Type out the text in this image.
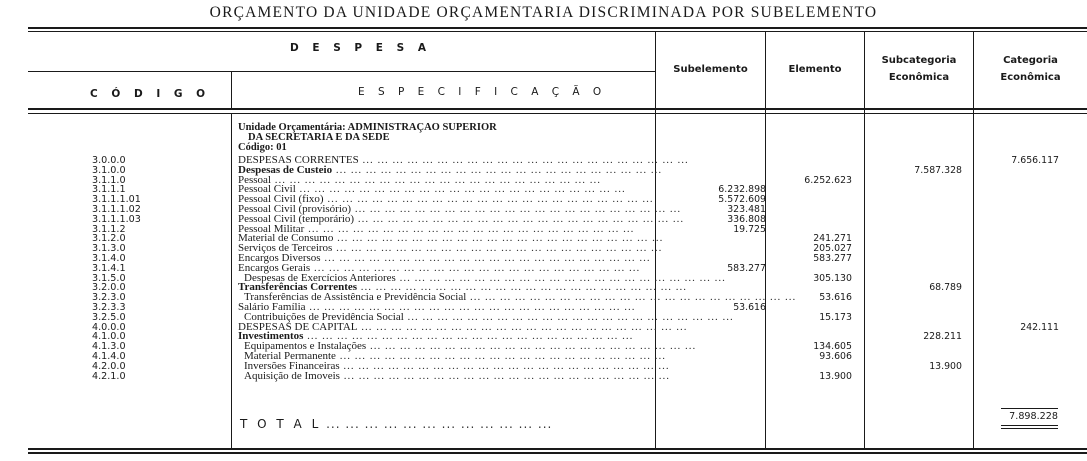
ORÇAMENTO DA UNIDADE ORÇAMENTARIA DISCRIMINADA POR SUBELEMENTO
D E S P E S A
C Ó D I G O	E S P E C I F I C A Ç Ã O
Subelemento	Elemento
Subcategoria
Econômica
Categoria
Econômica
Unidade Orçamentária: ADMINISTRAÇAO SUPERIOR
DA SECRETARIA E DA SEDE
Código: 01
3.0.0.0
3.1.0.0
3.1.1.0
3.1.1.1
3.1.1.1.01
3.1.1.1.02
3.1.1.1.03
3.1.1.2
3.1.2.0
3.1.3.0
3.1.4.0
3.1.4.1
3.1.5.0
3.2.0.0
3.2.3.0
3.2.3.3
3.2.5.0
4.0.0.0
4.1.0.0
4.1.3.0
4.1.4.0
4.2.0.0
4.2.1.0
DESPESAS CORRENTES ... ... ... ... ... ... ... ... ... ... ... ... ... ... ... ... ... ... ... ... ... ...
Despesas de Custeio ... ... ... ... ... ... ... ... ... ... ... ... ... ... ... ... ... ... ... ... ... ...
Pessoal ... ... ... ... ... ... ... ... ... ... ... ... ... ... ... ... ... ... ... ... ... ...
Pessoal Civil ... ... ... ... ... ... ... ... ... ... ... ... ... ... ... ... ... ... ... ... ... ...
Pessoal Civil (fixo) ... ... ... ... ... ... ... ... ... ... ... ... ... ... ... ... ... ... ... ... ... ...
Pessoal Civil (provisório) ... ... ... ... ... ... ... ... ... ... ... ... ... ... ... ... ... ... ... ... ... ...
Pessoal Civil (temporário) ... ... ... ... ... ... ... ... ... ... ... ... ... ... ... ... ... ... ... ... ... ...
Pessoal Militar ... ... ... ... ... ... ... ... ... ... ... ... ... ... ... ... ... ... ... ... ... ...
Material de Consumo ... ... ... ... ... ... ... ... ... ... ... ... ... ... ... ... ... ... ... ... ... ...
Serviços de Terceiros ... ... ... ... ... ... ... ... ... ... ... ... ... ... ... ... ... ... ... ... ... ...
Encargos Diversos ... ... ... ... ... ... ... ... ... ... ... ... ... ... ... ... ... ... ... ... ... ...
Encargos Gerais ... ... ... ... ... ... ... ... ... ... ... ... ... ... ... ... ... ... ... ... ... ...
Despesas de Exercícios Anteriores ... ... ... ... ... ... ... ... ... ... ... ... ... ... ... ... ... ... ... ... ... ...
Transferências Correntes ... ... ... ... ... ... ... ... ... ... ... ... ... ... ... ... ... ... ... ... ... ...
Transferências de Assistência e Previdência Social ... ... ... ... ... ... ... ... ... ... ... ... ... ... ... ... ... ... ... ... ... ...
Salário Família ... ... ... ... ... ... ... ... ... ... ... ... ... ... ... ... ... ... ... ... ... ...
Contribuições de Previdência Social ... ... ... ... ... ... ... ... ... ... ... ... ... ... ... ... ... ... ... ... ... ...
DESPESAS DE CAPITAL ... ... ... ... ... ... ... ... ... ... ... ... ... ... ... ... ... ... ... ... ... ...
Investimentos ... ... ... ... ... ... ... ... ... ... ... ... ... ... ... ... ... ... ... ... ... ...
Equipamentos e Instalações ... ... ... ... ... ... ... ... ... ... ... ... ... ... ... ... ... ... ... ... ... ...
Material Permanente ... ... ... ... ... ... ... ... ... ... ... ... ... ... ... ... ... ... ... ... ... ...
Inversões Financeiras ... ... ... ... ... ... ... ... ... ... ... ... ... ... ... ... ... ... ... ... ... ...
Aquisição de Imoveis ... ... ... ... ... ... ... ... ... ... ... ... ... ... ... ... ... ... ... ... ... ...

6.232.898
5.572.609
323.481
336.808
19.725

583.277

53.616

6.252.623

241.271
205.027
583.277

305.130

53.616

15.173

134.605
93.606

13.900

7.587.328

68.789

228.211

13.900

7.656.117

242.111

T O T A L ... ... ... ... ... ... ... ... ... ... ... ...
7.898.228
